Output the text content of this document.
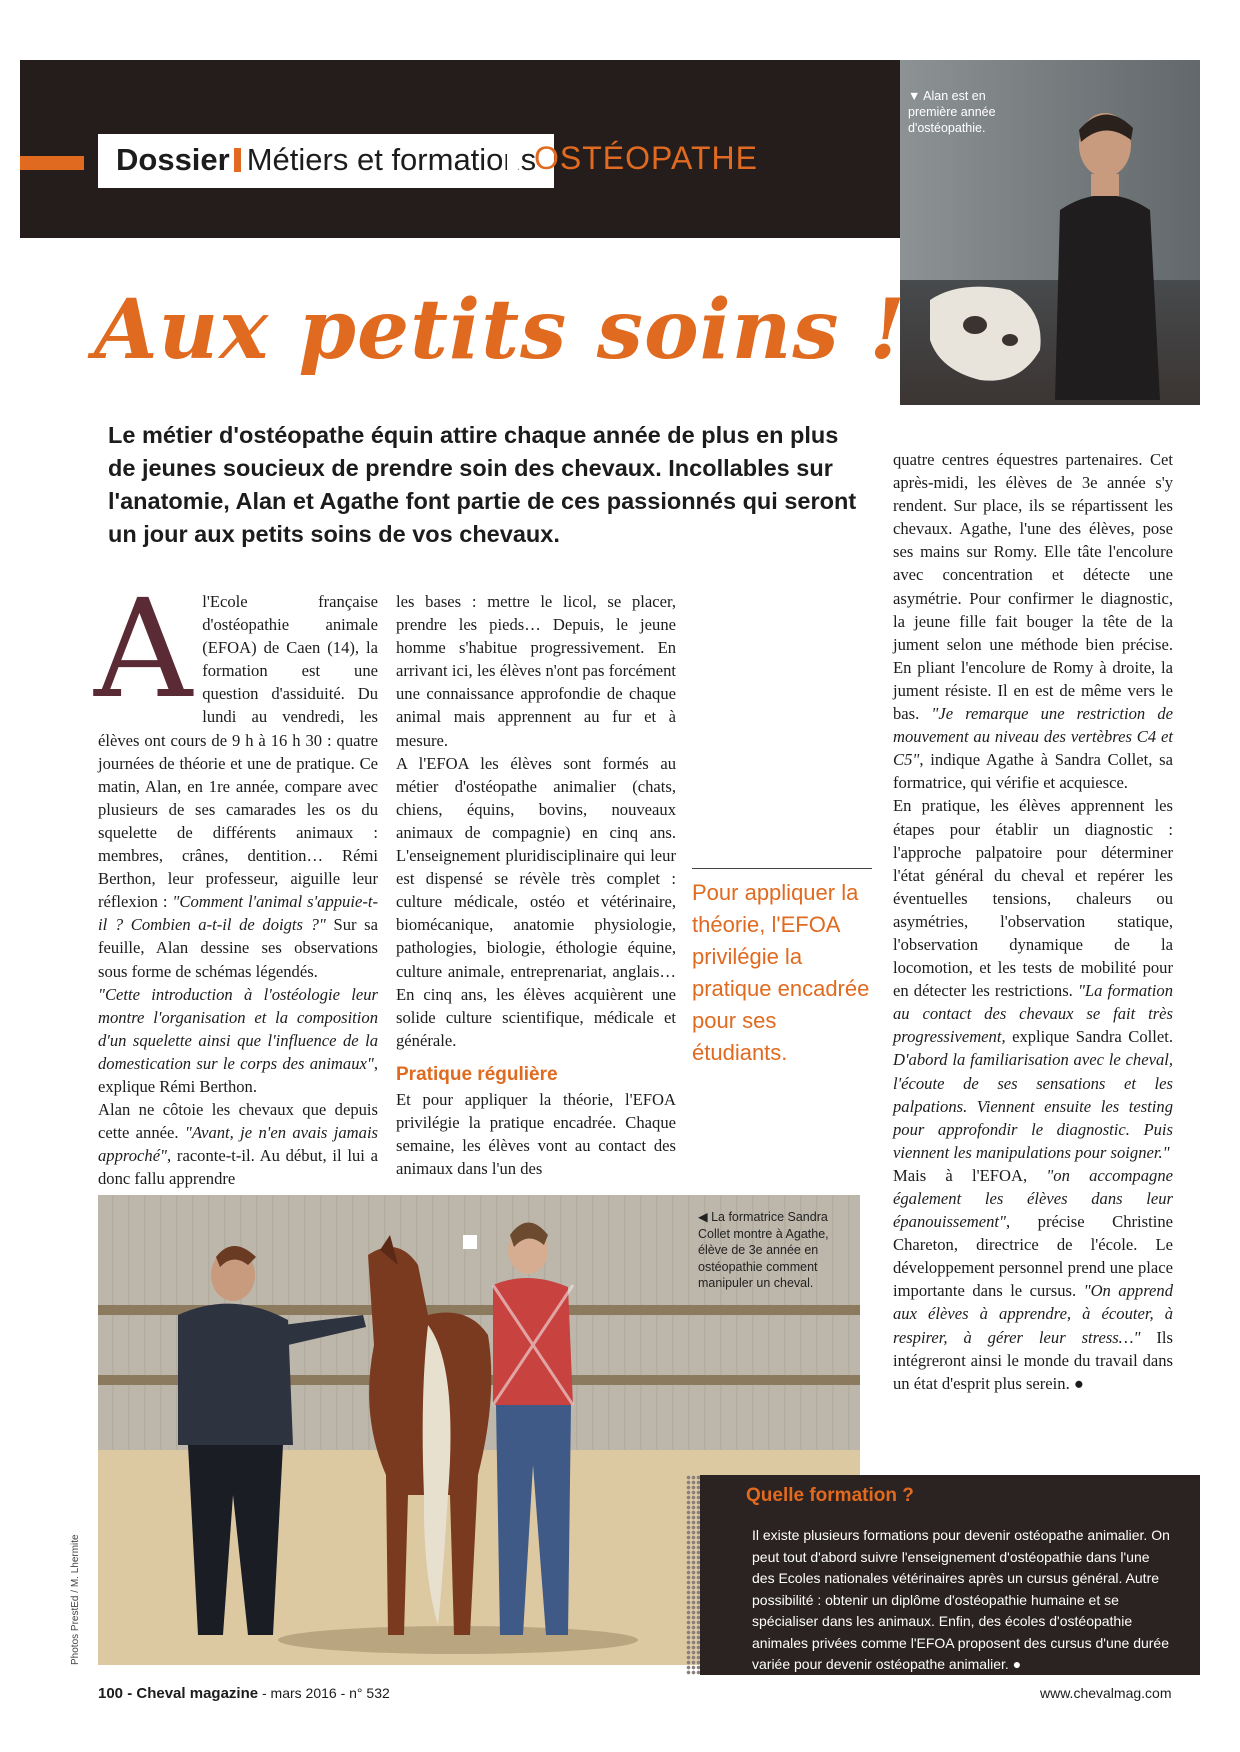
Dossier Métiers et formations
OSTÉOPATHE
▼ Alan est en première année d'ostéopathie.
Aux petits soins !

Le métier d'ostéopathe équin attire chaque année de plus en plus de jeunes soucieux de prendre soin des chevaux. Incollables sur l'anatomie, Alan et Agathe font partie de ces passionnés qui seront un jour aux petits soins de vos chevaux.

A l'Ecole française d'ostéopathie animale (EFOA) de Caen (14), la formation est une question d'assiduité. Du lundi au vendredi, les élèves ont cours de 9 h à 16 h 30 : quatre journées de théorie et une de pratique. Ce matin, Alan, en 1re année, compare avec plusieurs de ses camarades les os du squelette de différents animaux : membres, crânes, dentition… Rémi Berthon, leur professeur, aiguille leur réflexion : "Comment l'animal s'appuie-t-il ? Combien a-t-il de doigts ?" Sur sa feuille, Alan dessine ses observations sous forme de schémas légendés.

"Cette introduction à l'ostéologie leur montre l'organisation et la composition d'un squelette ainsi que l'influence de la domestication sur le corps des animaux", explique Rémi Berthon.

Alan ne côtoie les chevaux que depuis cette année. "Avant, je n'en avais jamais approché", raconte-t-il. Au début, il lui a donc fallu apprendre

les bases : mettre le licol, se placer, prendre les pieds… Depuis, le jeune homme s'habitue progressivement. En arrivant ici, les élèves n'ont pas forcément une connaissance approfondie de chaque animal mais apprennent au fur et à mesure.

A l'EFOA les élèves sont formés au métier d'ostéopathe animalier (chats, chiens, équins, bovins, nouveaux animaux de compagnie) en cinq ans. L'enseignement pluridisciplinaire qui leur est dispensé se révèle très complet : culture médicale, ostéo et vétérinaire, biomécanique, anatomie physiologie, pathologies, biologie, éthologie équine, culture animale, entreprenariat, anglais… En cinq ans, les élèves acquièrent une solide culture scientifique, médicale et générale.

Pratique régulière

Et pour appliquer la théorie, l'EFOA privilégie la pratique encadrée. Chaque semaine, les élèves vont au contact des animaux dans l'un des

Pour appliquer la théorie, l'EFOA privilégie la pratique encadrée pour ses étudiants.

quatre centres équestres partenaires. Cet après-midi, les élèves de 3e année s'y rendent. Sur place, ils se répartissent les chevaux. Agathe, l'une des élèves, pose ses mains sur Romy. Elle tâte l'encolure avec concentration et détecte une asymétrie. Pour confirmer le diagnostic, la jeune fille fait bouger la tête de la jument selon une méthode bien précise. En pliant l'encolure de Romy à droite, la jument résiste. Il en est de même vers le bas. "Je remarque une restriction de mouvement au niveau des vertèbres C4 et C5", indique Agathe à Sandra Collet, sa formatrice, qui vérifie et acquiesce.

En pratique, les élèves apprennent les étapes pour établir un diagnostic : l'approche palpatoire pour déterminer l'état général du cheval et repérer les éventuelles tensions, chaleurs ou asymétries, l'observation statique, l'observation dynamique de la locomotion, et les tests de mobilité pour en détecter les restrictions. "La formation au contact des chevaux se fait très progressivement, explique Sandra Collet. D'abord la familiarisation avec le cheval, l'écoute de ses sensations et les palpations. Viennent ensuite les testing pour approfondir le diagnostic. Puis viennent les manipulations pour soigner."

Mais à l'EFOA, "on accompagne également les élèves dans leur épanouissement", précise Christine Chareton, directrice de l'école. Le développement personnel prend une place importante dans le cursus. "On apprend aux élèves à apprendre, à écouter, à respirer, à gérer leur stress…" Ils intégreront ainsi le monde du travail dans un état d'esprit plus serein. ●

◀ La formatrice Sandra Collet montre à Agathe, élève de 3e année en ostéopathie comment manipuler un cheval.
Quelle formation ?
Il existe plusieurs formations pour devenir ostéopathe animalier. On peut tout d'abord suivre l'enseignement d'ostéopathie dans l'une des Ecoles nationales vétérinaires après un cursus général. Autre possibilité : obtenir un diplôme d'ostéopathie humaine et se spécialiser dans les animaux. Enfin, des écoles d'ostéopathie animales privées comme l'EFOA proposent des cursus d'une durée variée pour devenir ostéopathe animalier. ●
Photos PrestEd / M. Lhermite
100 - Cheval magazine - mars 2016 - n° 532	www.chevalmag.com
